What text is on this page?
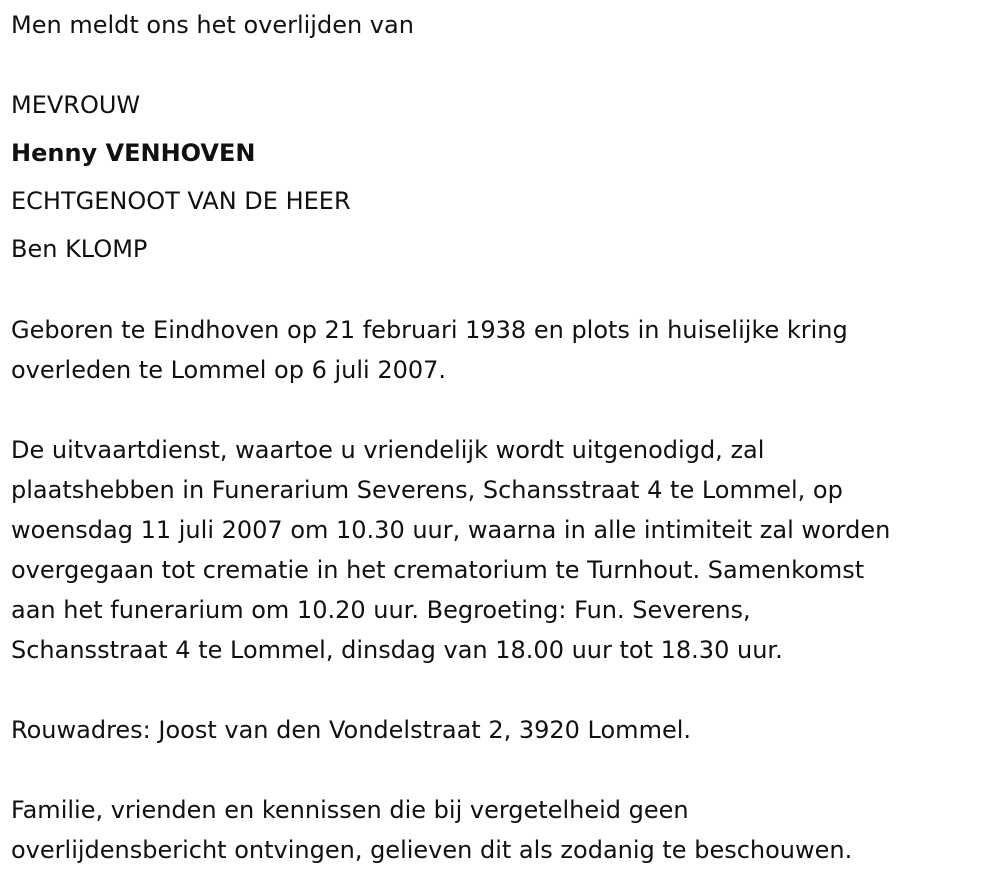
Men meldt ons het overlijden van
MEVROUW
Henny VENHOVEN
ECHTGENOOT VAN DE HEER
Ben KLOMP
Geboren te Eindhoven op 21 februari 1938 en plots in huiselijke kring
overleden te Lommel op 6 juli 2007.
De uitvaartdienst, waartoe u vriendelijk wordt uitgenodigd, zal
plaatshebben in Funerarium Severens, Schansstraat 4 te Lommel, op
woensdag 11 juli 2007 om 10.30 uur, waarna in alle intimiteit zal worden
overgegaan tot crematie in het crematorium te Turnhout. Samenkomst
aan het funerarium om 10.20 uur. Begroeting: Fun. Severens,
Schansstraat 4 te Lommel, dinsdag van 18.00 uur tot 18.30 uur.
Rouwadres: Joost van den Vondelstraat 2, 3920 Lommel.
Familie, vrienden en kennissen die bij vergetelheid geen
overlijdensbericht ontvingen, gelieven dit als zodanig te beschouwen.
